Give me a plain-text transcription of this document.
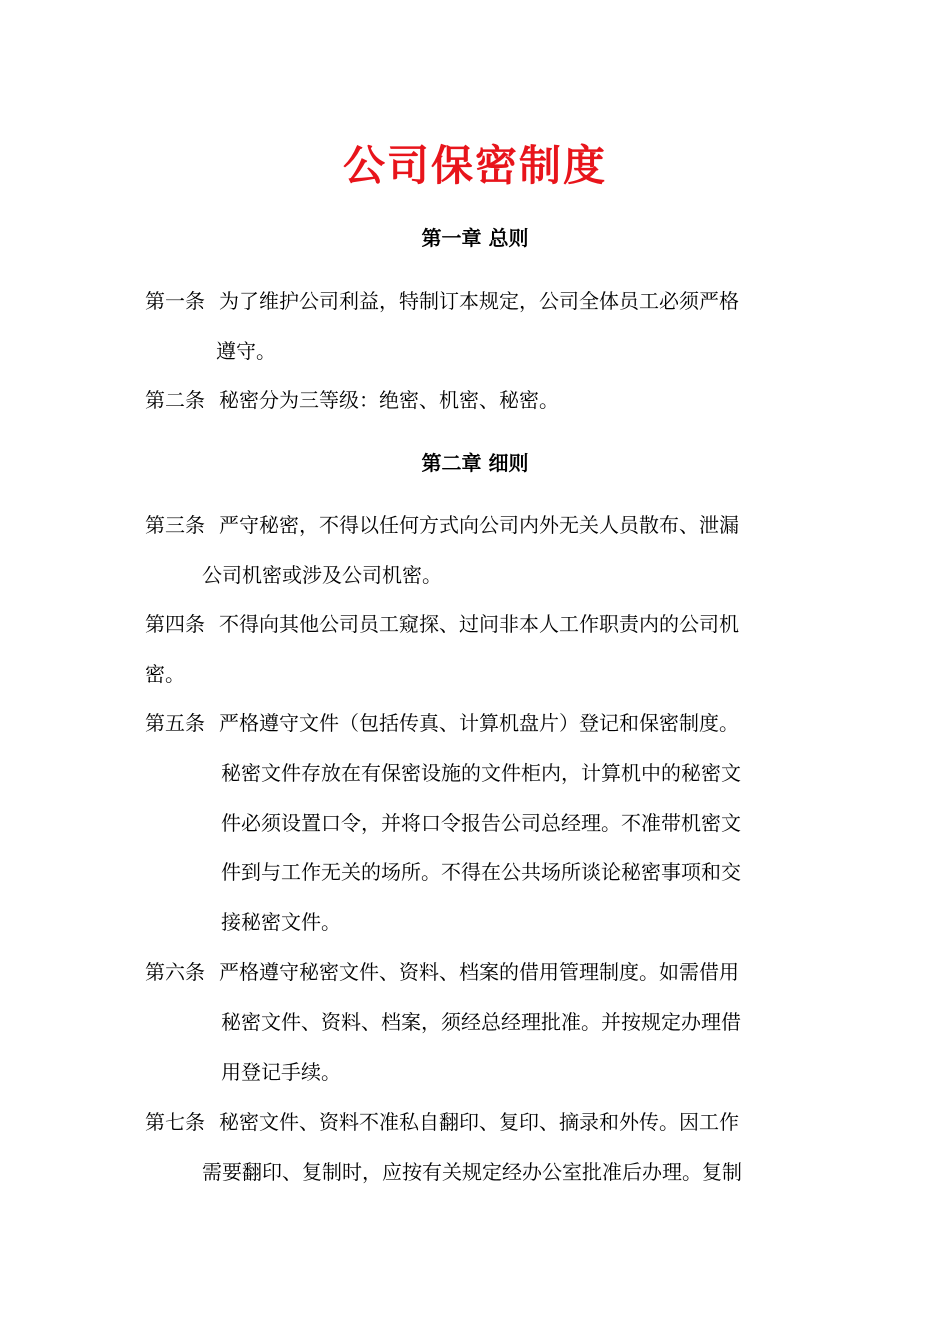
公司保密制度
第一章 总则
第一条 为了维护公司利益，特制订本规定，公司全体员工必须严格
遵守。
第二条 秘密分为三等级：绝密、机密、秘密。
第二章 细则
第三条 严守秘密，不得以任何方式向公司内外无关人员散布、泄漏
公司机密或涉及公司机密。
第四条 不得向其他公司员工窥探、过问非本人工作职责内的公司机
密。
第五条 严格遵守文件（包括传真、计算机盘片）登记和保密制度。
秘密文件存放在有保密设施的文件柜内，计算机中的秘密文
件必须设置口令，并将口令报告公司总经理。不准带机密文
件到与工作无关的场所。不得在公共场所谈论秘密事项和交
接秘密文件。
第六条 严格遵守秘密文件、资料、档案的借用管理制度。如需借用
秘密文件、资料、档案，须经总经理批准。并按规定办理借
用登记手续。
第七条 秘密文件、资料不准私自翻印、复印、摘录和外传。因工作
需要翻印、复制时，应按有关规定经办公室批准后办理。复制
